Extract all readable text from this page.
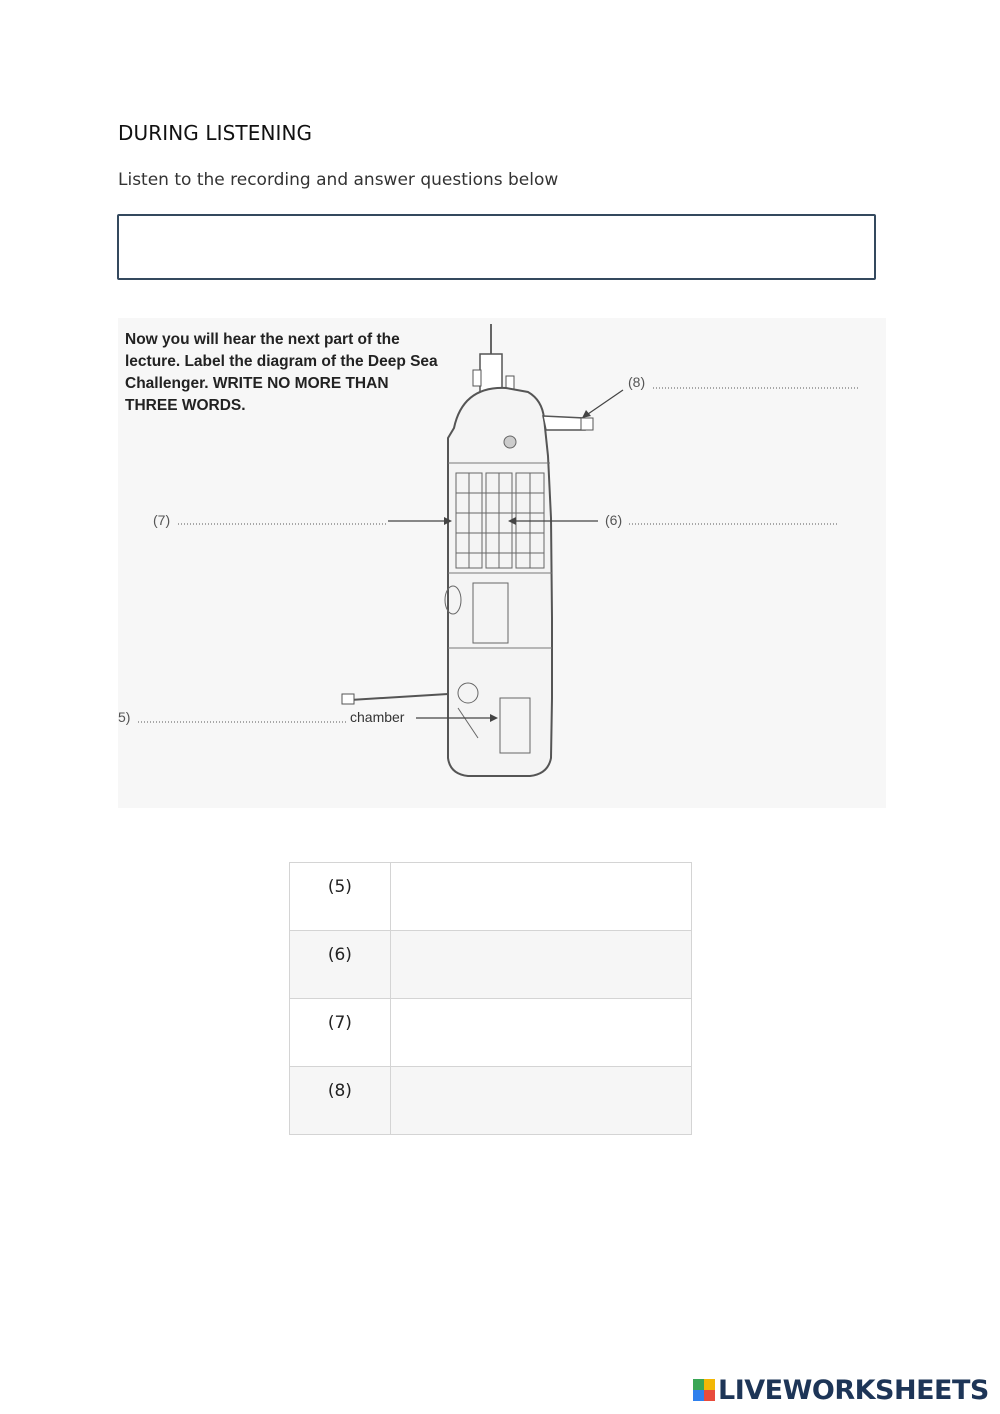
DURING LISTENING
Listen to the recording and answer questions below
Now you will hear the next part of the lecture. Label the diagram of the Deep Sea Challenger. WRITE NO MORE THAN THREE WORDS.
(8)
(7)	(6)
5)	chamber
(5)	
(6)	
(7)	
(8)	
LIVEWORKSHEETS
